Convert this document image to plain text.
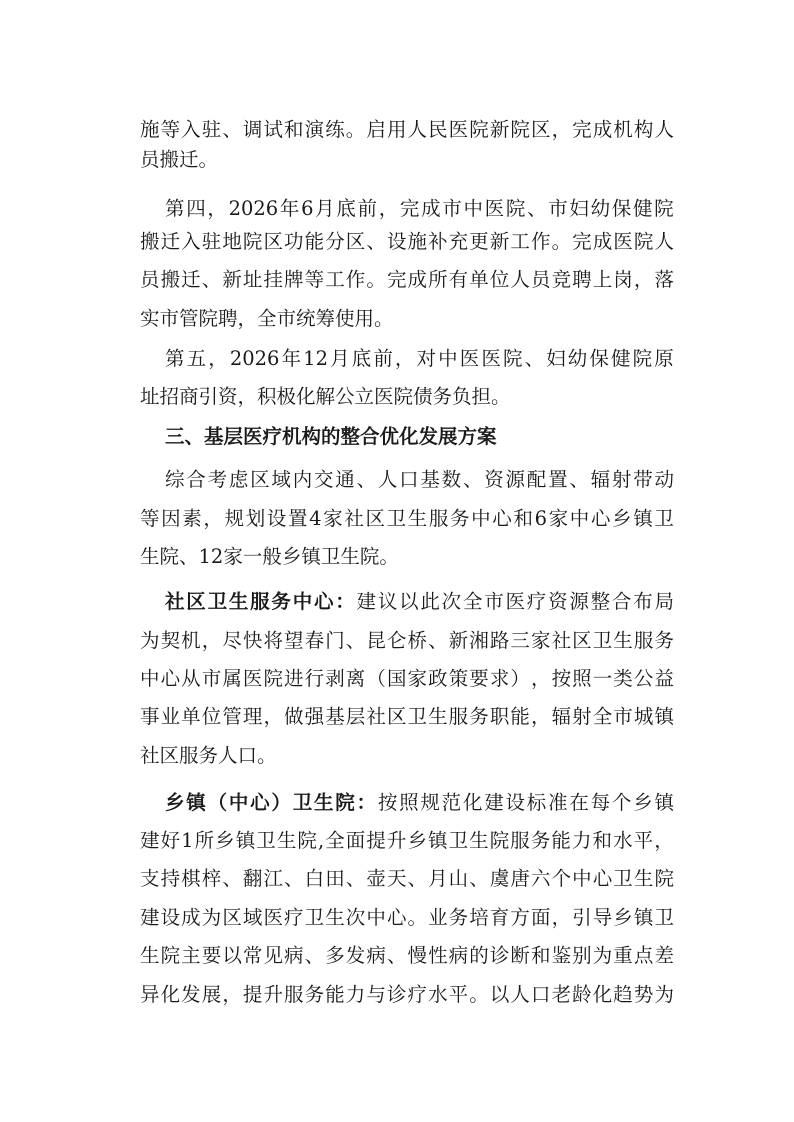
施 等 入 驻 、 调 试 和 演 练 。 启 用 人 民 医 院 新 院 区 ， 完 成 机 构 人
员搬迁。
第 四 ， 2026 年 6 月 底 前 ， 完 成 市 中 医 院 、 市 妇 幼 保 健 院
搬 迁 入 驻 地 院 区 功 能 分 区 、 设 施 补 充 更 新 工 作 。 完 成 医 院 人
员 搬 迁 、 新 址 挂 牌 等 工 作 。 完 成 所 有 单 位 人 员 竞 聘 上 岗 ， 落
实市管院聘，全市统筹使用。
第 五 ， 2026 年 12 月 底 前 ， 对 中 医 医 院 、 妇 幼 保 健 院 原
址招商引资，积极化解公立医院债务负担。
三、基层医疗机构的整合优化发展方案
综 合 考 虑 区 域 内 交 通 、 人 口 基 数 、 资 源 配 置 、 辐 射 带 动
等 因 素 ， 规 划 设 置 4 家 社 区 卫 生 服 务 中 心 和 6 家 中 心 乡 镇 卫
生院、12家一般乡镇卫生院。
社 区 卫 生 服 务 中 心 ： 建 议 以 此 次 全 市 医 疗 资 源 整 合 布 局
为 契 机 ， 尽 快 将 望 春 门 、 昆 仑 桥 、 新 湘 路 三 家 社 区 卫 生 服 务
中 心 从 市 属 医 院 进 行 剥 离 （ 国 家 政 策 要 求 ） ， 按 照 一 类 公 益
事 业 单 位 管 理 ， 做 强 基 层 社 区 卫 生 服 务 职 能 ， 辐 射 全 市 城 镇
社区服务人口。
乡 镇 （ 中 心 ） 卫 生 院 ： 按 照 规 范 化 建 设 标 准 在 每 个 乡 镇
建 好 1 所 乡 镇 卫 生 院 , 全 面 提 升 乡 镇 卫 生 院 服 务 能 力 和 水 平 ，
支 持 棋 梓 、 翻 江 、 白 田 、 壶 天 、 月 山 、 虞 唐 六 个 中 心 卫 生 院
建 设 成 为 区 域 医 疗 卫 生 次 中 心 。 业 务 培 育 方 面 ， 引 导 乡 镇 卫
生 院 主 要 以 常 见 病 、 多 发 病 、 慢 性 病 的 诊 断 和 鉴 别 为 重 点 差
异 化 发 展 ， 提 升 服 务 能 力 与 诊 疗 水 平 。 以 人 口 老 龄 化 趋 势 为
